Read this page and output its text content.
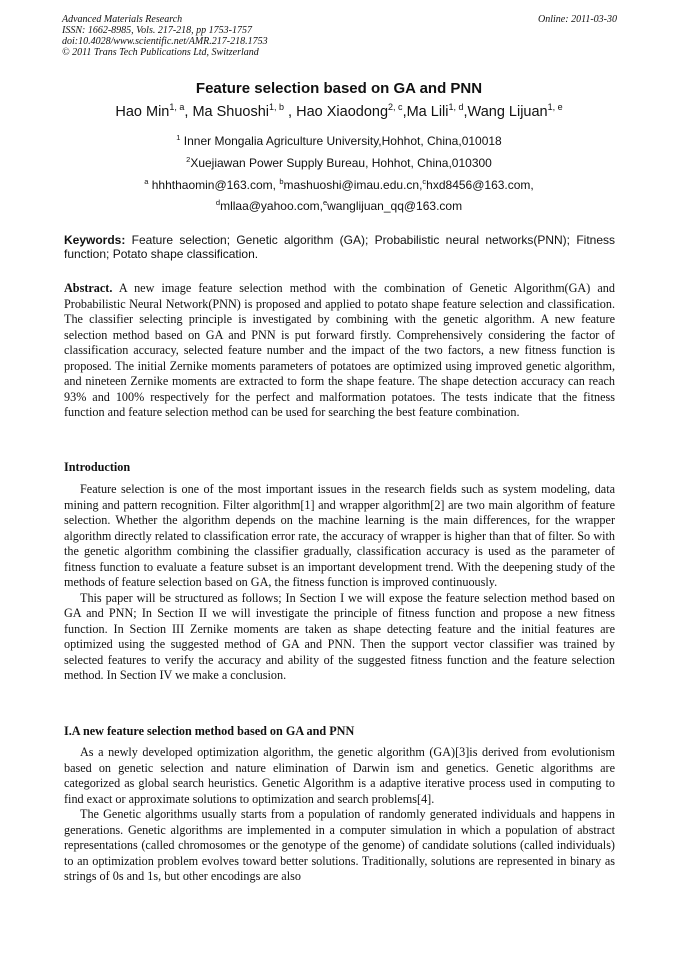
Advanced Materials Research
ISSN: 1662-8985, Vols. 217-218, pp 1753-1757
doi:10.4028/www.scientific.net/AMR.217-218.1753
© 2011 Trans Tech Publications Ltd, Switzerland
Online: 2011-03-30
Feature selection based on GA and PNN
Hao Min$^{1, a}$, Ma Shuoshi$^{1, b}$ , Hao Xiaodong$^{2, c}$,Ma Lili$^{1, d}$,Wang Lijuan$^{1, e}$
$^1$ Inner Mongalia Agriculture University,Hohhot, China,010018
$^2$Xuejiawan Power Supply Bureau, Hohhot, China,010300
$^a$ hhhthaomin@163.com, $^b$mashuoshi@imau.edu.cn,$^c$hxd8456@163.com,
$^d$mllaa@yahoo.com,$^e$wanglijuan_qq@163.com
Keywords: Feature selection; Genetic algorithm (GA); Probabilistic neural networks(PNN); Fitness function; Potato shape classification.

Abstract. A new image feature selection method with the combination of Genetic Algorithm(GA) and Probabilistic Neural Network(PNN) is proposed and applied to potato shape feature selection and classification. The classifier selecting principle is investigated by combining with the genetic algorithm. A new feature selection method based on GA and PNN is put forward firstly. Comprehensively considering the factor of classification accuracy, selected feature number and the impact of the two factors, a new fitness function is proposed. The initial Zernike moments parameters of potatoes are optimized using improved genetic algorithm, and nineteen Zernike moments are extracted to form the shape feature. The shape detection accuracy can reach 93% and 100% respectively for the perfect and malformation potatoes. The tests indicate that the fitness function and feature selection method can be used for searching the best feature combination.

Introduction

Feature selection is one of the most important issues in the research fields such as system modeling, data mining and pattern recognition. Filter algorithm[1] and wrapper algorithm[2] are two main algorithm of feature selection. Whether the algorithm depends on the machine learning is the main differences, for the wrapper algorithm directly related to classification error rate, the accuracy of wrapper is higher than that of filter. So with the genetic algorithm combining the classifier gradually, classification accuracy is used as the parameter of fitness function to evaluate a feature subset is an important development trend. With the deepening study of the methods of feature selection based on GA, the fitness function is improved continuously.

This paper will be structured as follows; In Section I we will expose the feature selection method based on GA and PNN; In Section II we will investigate the principle of fitness function and propose a new fitness function. In Section III Zernike moments are taken as shape detecting feature and the initial features are optimized using the suggested method of GA and PNN. Then the support vector classifier was trained by selected features to verify the accuracy and ability of the suggested fitness function and the feature selection method. In Section IV we make a conclusion.

I.A new feature selection method based on GA and PNN

As a newly developed optimization algorithm, the genetic algorithm (GA)[3]is derived from evolutionism based on genetic selection and nature elimination of Darwin ism and genetics. Genetic algorithms are categorized as global search heuristics. Genetic Algorithm is a adaptive iterative process used in computing to find exact or approximate solutions to optimization and search problems[4].

The Genetic algorithms usually starts from a population of randomly generated individuals and happens in generations. Genetic algorithms are implemented in a computer simulation in which a population of abstract representations (called chromosomes or the genotype of the genome) of candidate solutions (called individuals) to an optimization problem evolves toward better solutions. Traditionally, solutions are represented in binary as strings of 0s and 1s, but other encodings are also
